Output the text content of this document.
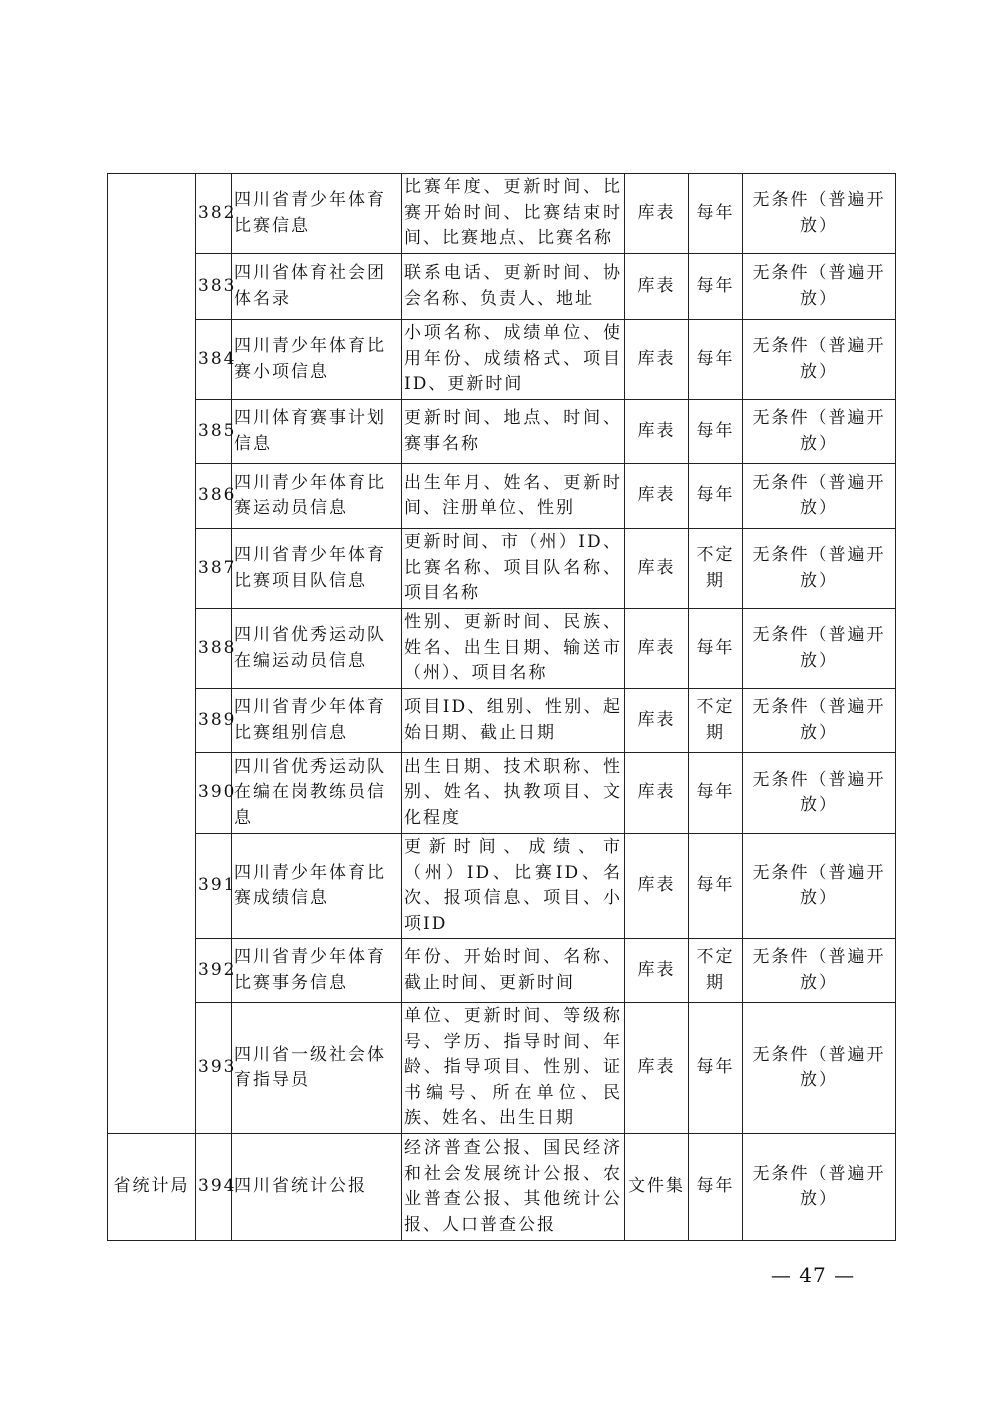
	382	四川省青少年体育比赛信息	比赛年度、更新时间、比赛开始时间、比赛结束时间、比赛地点、比赛名称	库表	每年	无条件（普遍开放）
	383	四川省体育社会团体名录	联系电话、更新时间、协会名称、负责人、地址	库表	每年	无条件（普遍开放）
	384	四川青少年体育比赛小项信息	小项名称、成绩单位、使用年份、成绩格式、项目ID、更新时间	库表	每年	无条件（普遍开放）
	385	四川体育赛事计划信息	更新时间、地点、时间、赛事名称	库表	每年	无条件（普遍开放）
	386	四川青少年体育比赛运动员信息	出生年月、姓名、更新时间、注册单位、性别	库表	每年	无条件（普遍开放）
	387	四川省青少年体育比赛项目队信息	更新时间、市（州）ID、比赛名称、项目队名称、项目名称	库表	不定期	无条件（普遍开放）
	388	四川省优秀运动队在编运动员信息	性别、更新时间、民族、姓名、出生日期、输送市（州）、项目名称	库表	每年	无条件（普遍开放）
	389	四川省青少年体育比赛组别信息	项目ID、组别、性别、起始日期、截止日期	库表	不定期	无条件（普遍开放）
	390	四川省优秀运动队在编在岗教练员信息	出生日期、技术职称、性别、姓名、执教项目、文化程度	库表	每年	无条件（普遍开放）
	391	四川青少年体育比赛成绩信息	更新时间、成绩、市（州）ID、比赛ID、名次、报项信息、项目、小项ID	库表	每年	无条件（普遍开放）
	392	四川省青少年体育比赛事务信息	年份、开始时间、名称、截止时间、更新时间	库表	不定期	无条件（普遍开放）
	393	四川省一级社会体育指导员	单位、更新时间、等级称号、学历、指导时间、年龄、指导项目、性别、证书编号、所在单位、民族、姓名、出生日期	库表	每年	无条件（普遍开放）
省统计局	394	四川省统计公报	经济普查公报、国民经济和社会发展统计公报、农业普查公报、其他统计公报、人口普查公报	文件集	每年	无条件（普遍开放）
— 47 —
